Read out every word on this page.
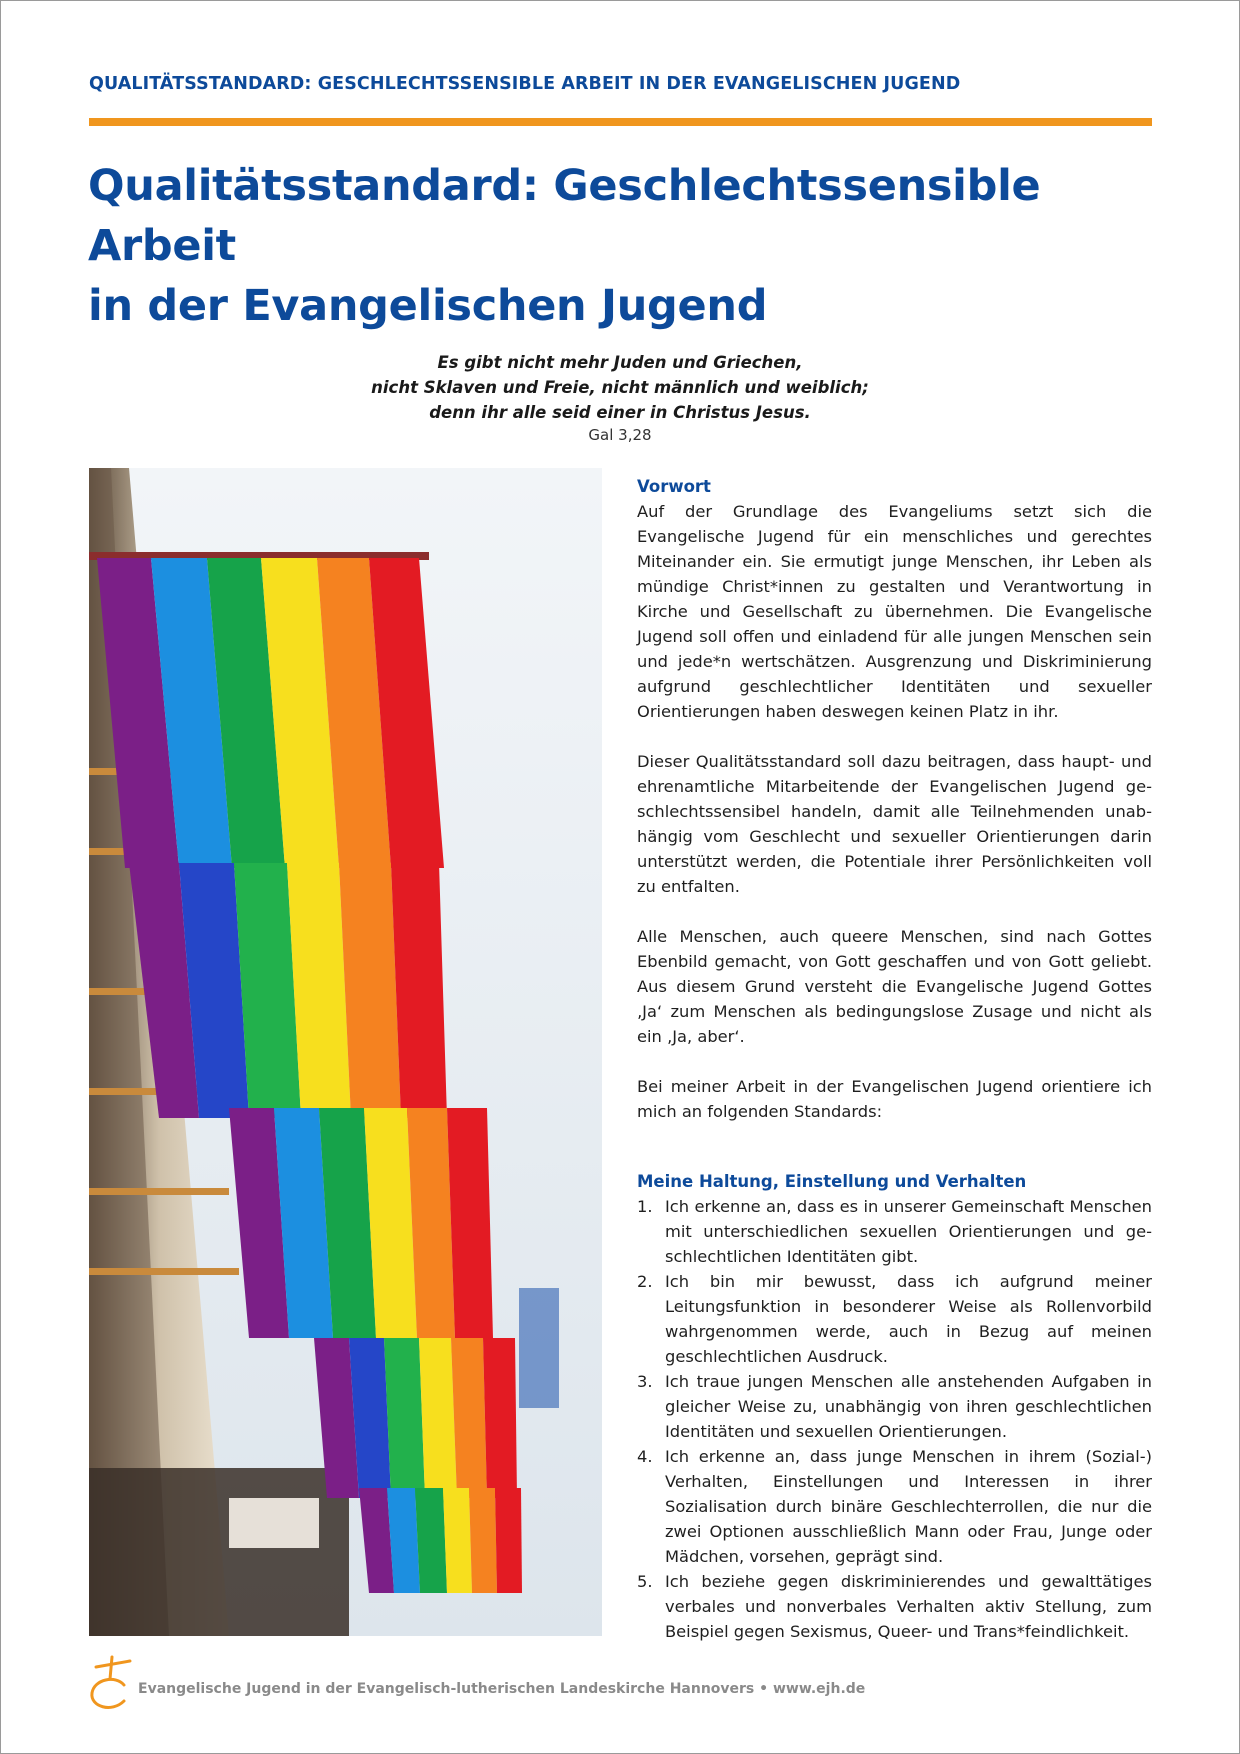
QUALITÄTSSTANDARD: GESCHLECHTSSENSIBLE ARBEIT IN DER EVANGELISCHEN JUGEND
Qualitätsstandard: Geschlechtssensible Arbeit
in der Evangelischen Jugend
Es gibt nicht mehr Juden und Griechen,
nicht Sklaven und Freie, nicht männlich und weiblich;
denn ihr alle seid einer in Christus Jesus.
Gal 3,28
Vorwort

Auf der Grundlage des Evangeliums setzt sich die Evangelische Jugend für ein menschliches und gerechtes Miteinander ein. Sie ermutigt junge Menschen, ihr Leben als mündige Christ*innen zu gestalten und Verantwortung in Kirche und Gesellschaft zu übernehmen. Die Evangelische Jugend soll offen und einladend für alle jungen Menschen sein und jede*n wertschätzen. Ausgrenzung und Diskriminierung aufgrund geschlechtlicher Identitäten und sexueller Orientierungen haben deswegen keinen Platz in ihr.

Dieser Qualitätsstandard soll dazu beitragen, dass haupt- und ehrenamtliche Mitarbeitende der Evangelischen Jugend geschlechtssensibel handeln, damit alle Teilnehmenden unabhängig vom Geschlecht und sexueller Orientierungen darin unterstützt werden, die Potentiale ihrer Persönlichkeiten voll zu entfalten.

Alle Menschen, auch queere Menschen, sind nach Gottes Ebenbild gemacht, von Gott geschaffen und von Gott geliebt. Aus diesem Grund versteht die Evangelische Jugend Gottes ‚Ja‘ zum Menschen als bedingungslose Zusage und nicht als ein ‚Ja, aber‘.

Bei meiner Arbeit in der Evangelischen Jugend orientiere ich mich an folgenden Standards:

Meine Haltung, Einstellung und Verhalten
1. Ich erkenne an, dass es in unserer Gemeinschaft Menschen mit unterschiedlichen sexuellen Orientierungen und geschlechtlichen Identitäten gibt.
2. Ich bin mir bewusst, dass ich aufgrund meiner Leitungsfunktion in besonderer Weise als Rollenvorbild wahrgenommen werde, auch in Bezug auf meinen geschlechtlichen Ausdruck.
3. Ich traue jungen Menschen alle anstehenden Aufgaben in gleicher Weise zu, unabhängig von ihren geschlechtlichen Identitäten und sexuellen Orientierungen.
4. Ich erkenne an, dass junge Menschen in ihrem (Sozial-) Verhalten, Einstellungen und Interessen in ihrer Sozialisation durch binäre Geschlechterrollen, die nur die zwei Optionen ausschließlich Mann oder Frau, Junge oder Mädchen, vorsehen, geprägt sind.
5. Ich beziehe gegen diskriminierendes und gewalttätiges verbales und nonverbales Verhalten aktiv Stellung, zum Beispiel gegen Sexismus, Queer- und Trans*feindlichkeit.
Evangelische Jugend in der Evangelisch-lutherischen Landeskirche Hannovers • www.ejh.de
